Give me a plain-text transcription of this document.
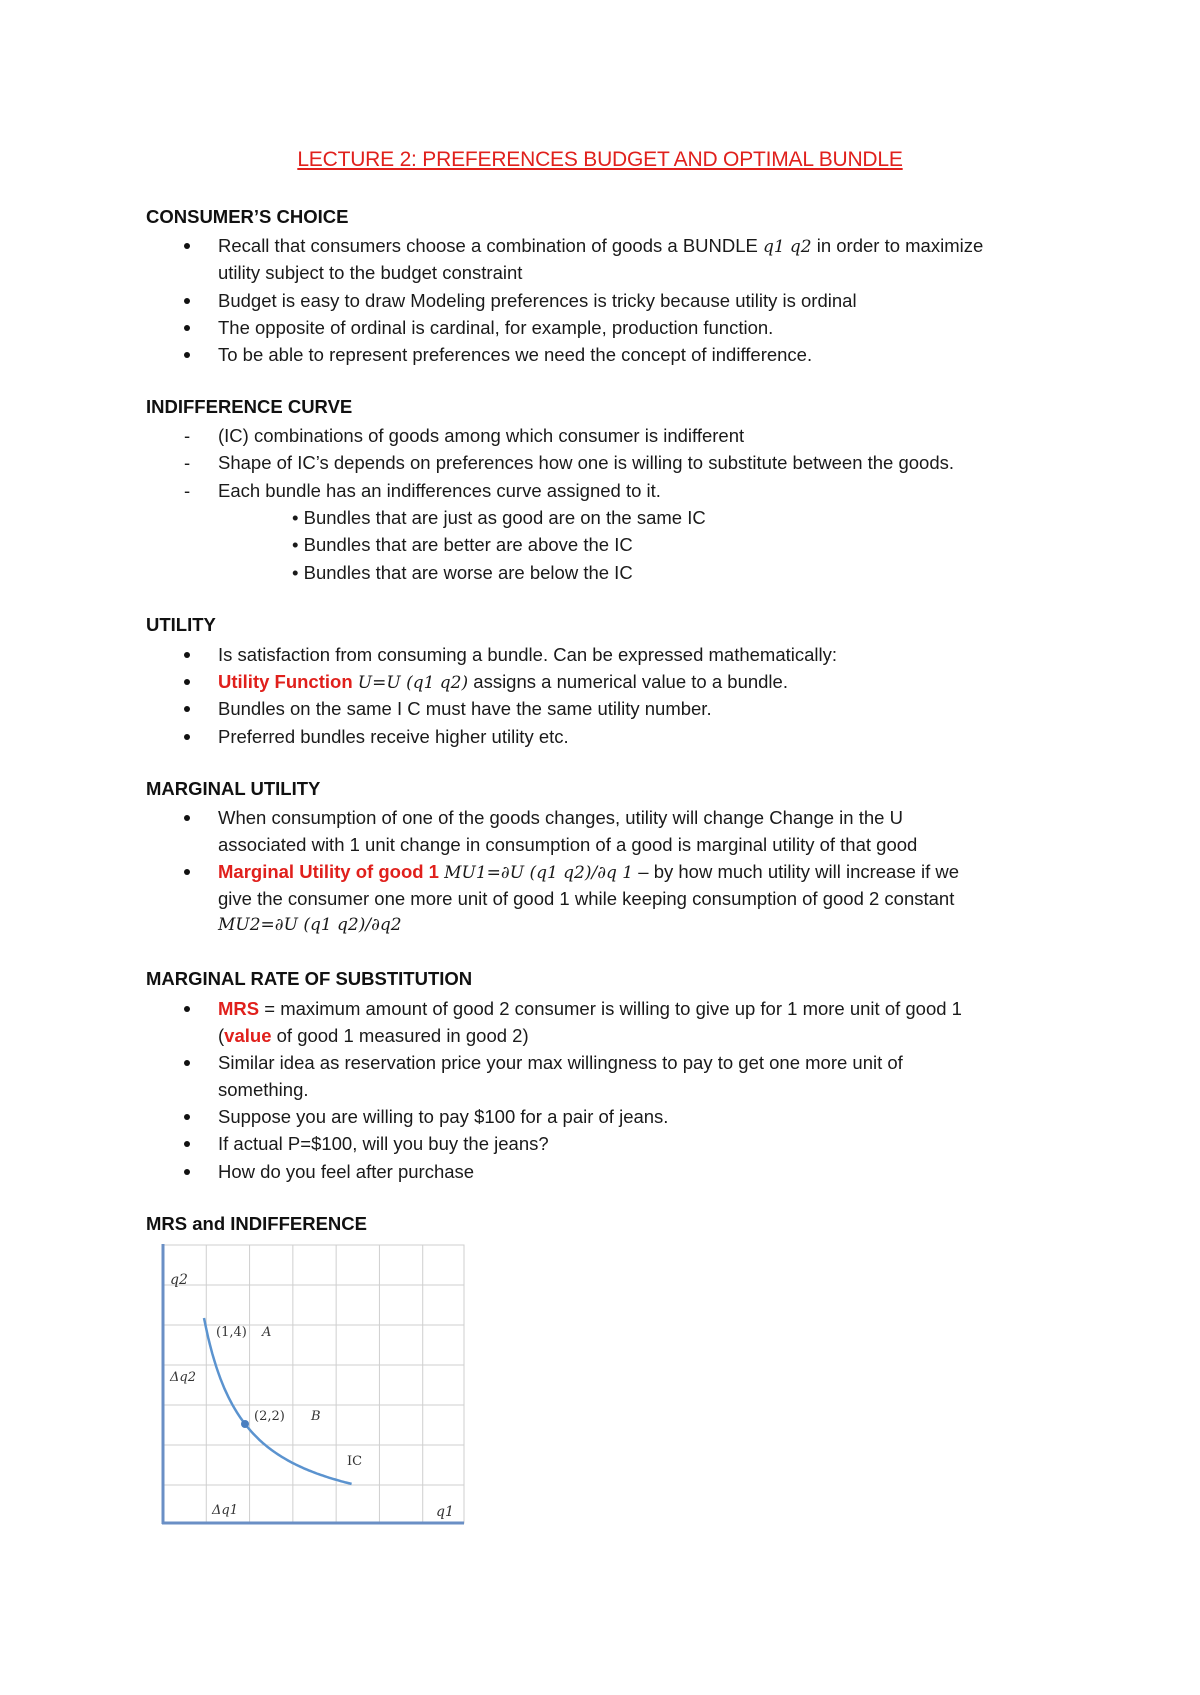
LECTURE 2: PREFERENCES BUDGET AND OPTIMAL BUNDLE
CONSUMER’S CHOICE
Recall that consumers choose a combination of goods a BUNDLE 𝑞1 𝑞2 in order to maximize
utility subject to the budget constraint
Budget is easy to draw Modeling preferences is tricky because utility is ordinal
The opposite of ordinal is cardinal, for example, production function.
To be able to represent preferences we need the concept of indifference.
INDIFFERENCE CURVE
-	(IC) combinations of goods among which consumer is indifferent
-	Shape of IC’s depends on preferences how one is willing to substitute between the goods.
-	Each bundle has an indifferences curve assigned to it.
• Bundles that are just as good are on the same IC
• Bundles that are better are above the IC
• Bundles that are worse are below the IC
UTILITY
Is satisfaction from consuming a bundle. Can be expressed mathematically:
Utility Function 𝑈=𝑈 (𝑞1 𝑞2) assigns a numerical value to a bundle.
Bundles on the same I C must have the same utility number.
Preferred bundles receive higher utility etc.
MARGINAL UTILITY
When consumption of one of the goods changes, utility will change Change in the U
associated with 1 unit change in consumption of a good is marginal utility of that good
Marginal Utility of good 1 𝑀𝑈1=∂𝑈 (𝑞1 𝑞2)/∂q 1 – by how much utility will increase if we
give the consumer one more unit of good 1 while keeping consumption of good 2 constant
𝑀𝑈2=∂𝑈 (𝑞1 𝑞2)/∂𝑞2
MARGINAL RATE OF SUBSTITUTION
MRS = maximum amount of good 2 consumer is willing to give up for 1 more unit of good 1
(value of good 1 measured in good 2)
Similar idea as reservation price your max willingness to pay to get one more unit of
something.
Suppose you are willing to pay $100 for a pair of jeans.
If actual P=$100, will you buy the jeans?
How do you feel after purchase
MRS and INDIFFERENCE
q2
q1
Δq2
Δq1
(1,4) A
(2,2) B
IC
